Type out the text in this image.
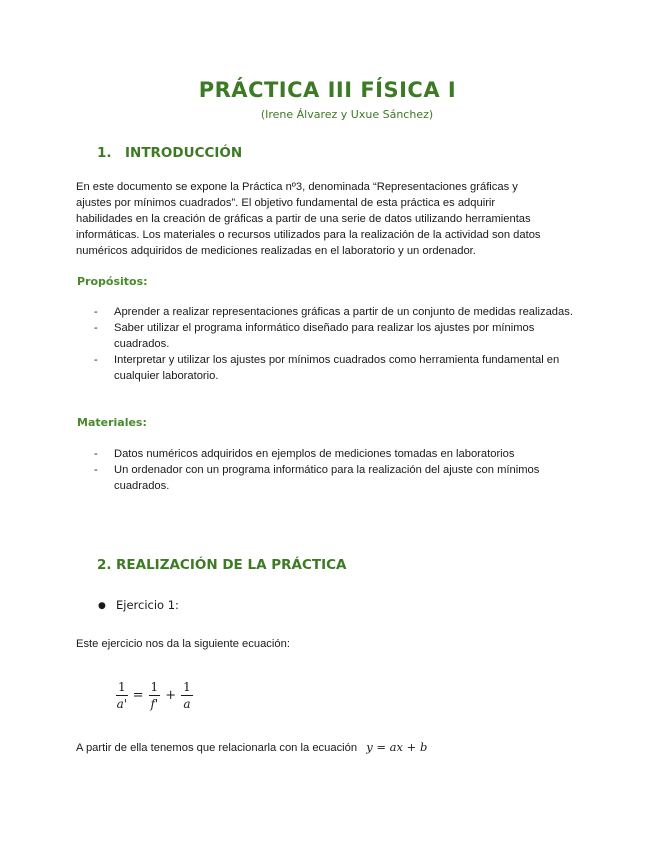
PRÁCTICA III FÍSICA I
(Irene Álvarez y Uxue Sánchez)
1. INTRODUCCIÓN
En este documento se expone la Práctica nº3, denominada “Representaciones gráficas y
ajustes por mínimos cuadrados”. El objetivo fundamental de esta práctica es adquirir
habilidades en la creación de gráficas a partir de una serie de datos utilizando herramientas
informáticas. Los materiales o recursos utilizados para la realización de la actividad son datos
numéricos adquiridos de mediciones realizadas en el laboratorio y un ordenador.
Propósitos:
- Aprender a realizar representaciones gráficas a partir de un conjunto de medidas realizadas.
- Saber utilizar el programa informático diseñado para realizar los ajustes por mínimos cuadrados.
- Interpretar y utilizar los ajustes por mínimos cuadrados como herramienta fundamental en cualquier laboratorio.
Materiales:
- Datos numéricos adquiridos en ejemplos de mediciones tomadas en laboratorios
- Un ordenador con un programa informático para la realización del ajuste con mínimos cuadrados.
2. REALIZACIÓN DE LA PRÁCTICA
● Ejercicio 1:
Este ejercicio nos da la siguiente ecuación:
$\frac{1}{a'} = \frac{1}{f'} + \frac{1}{a}$
A partir de ella tenemos que relacionarla con la ecuación y = ax + b
